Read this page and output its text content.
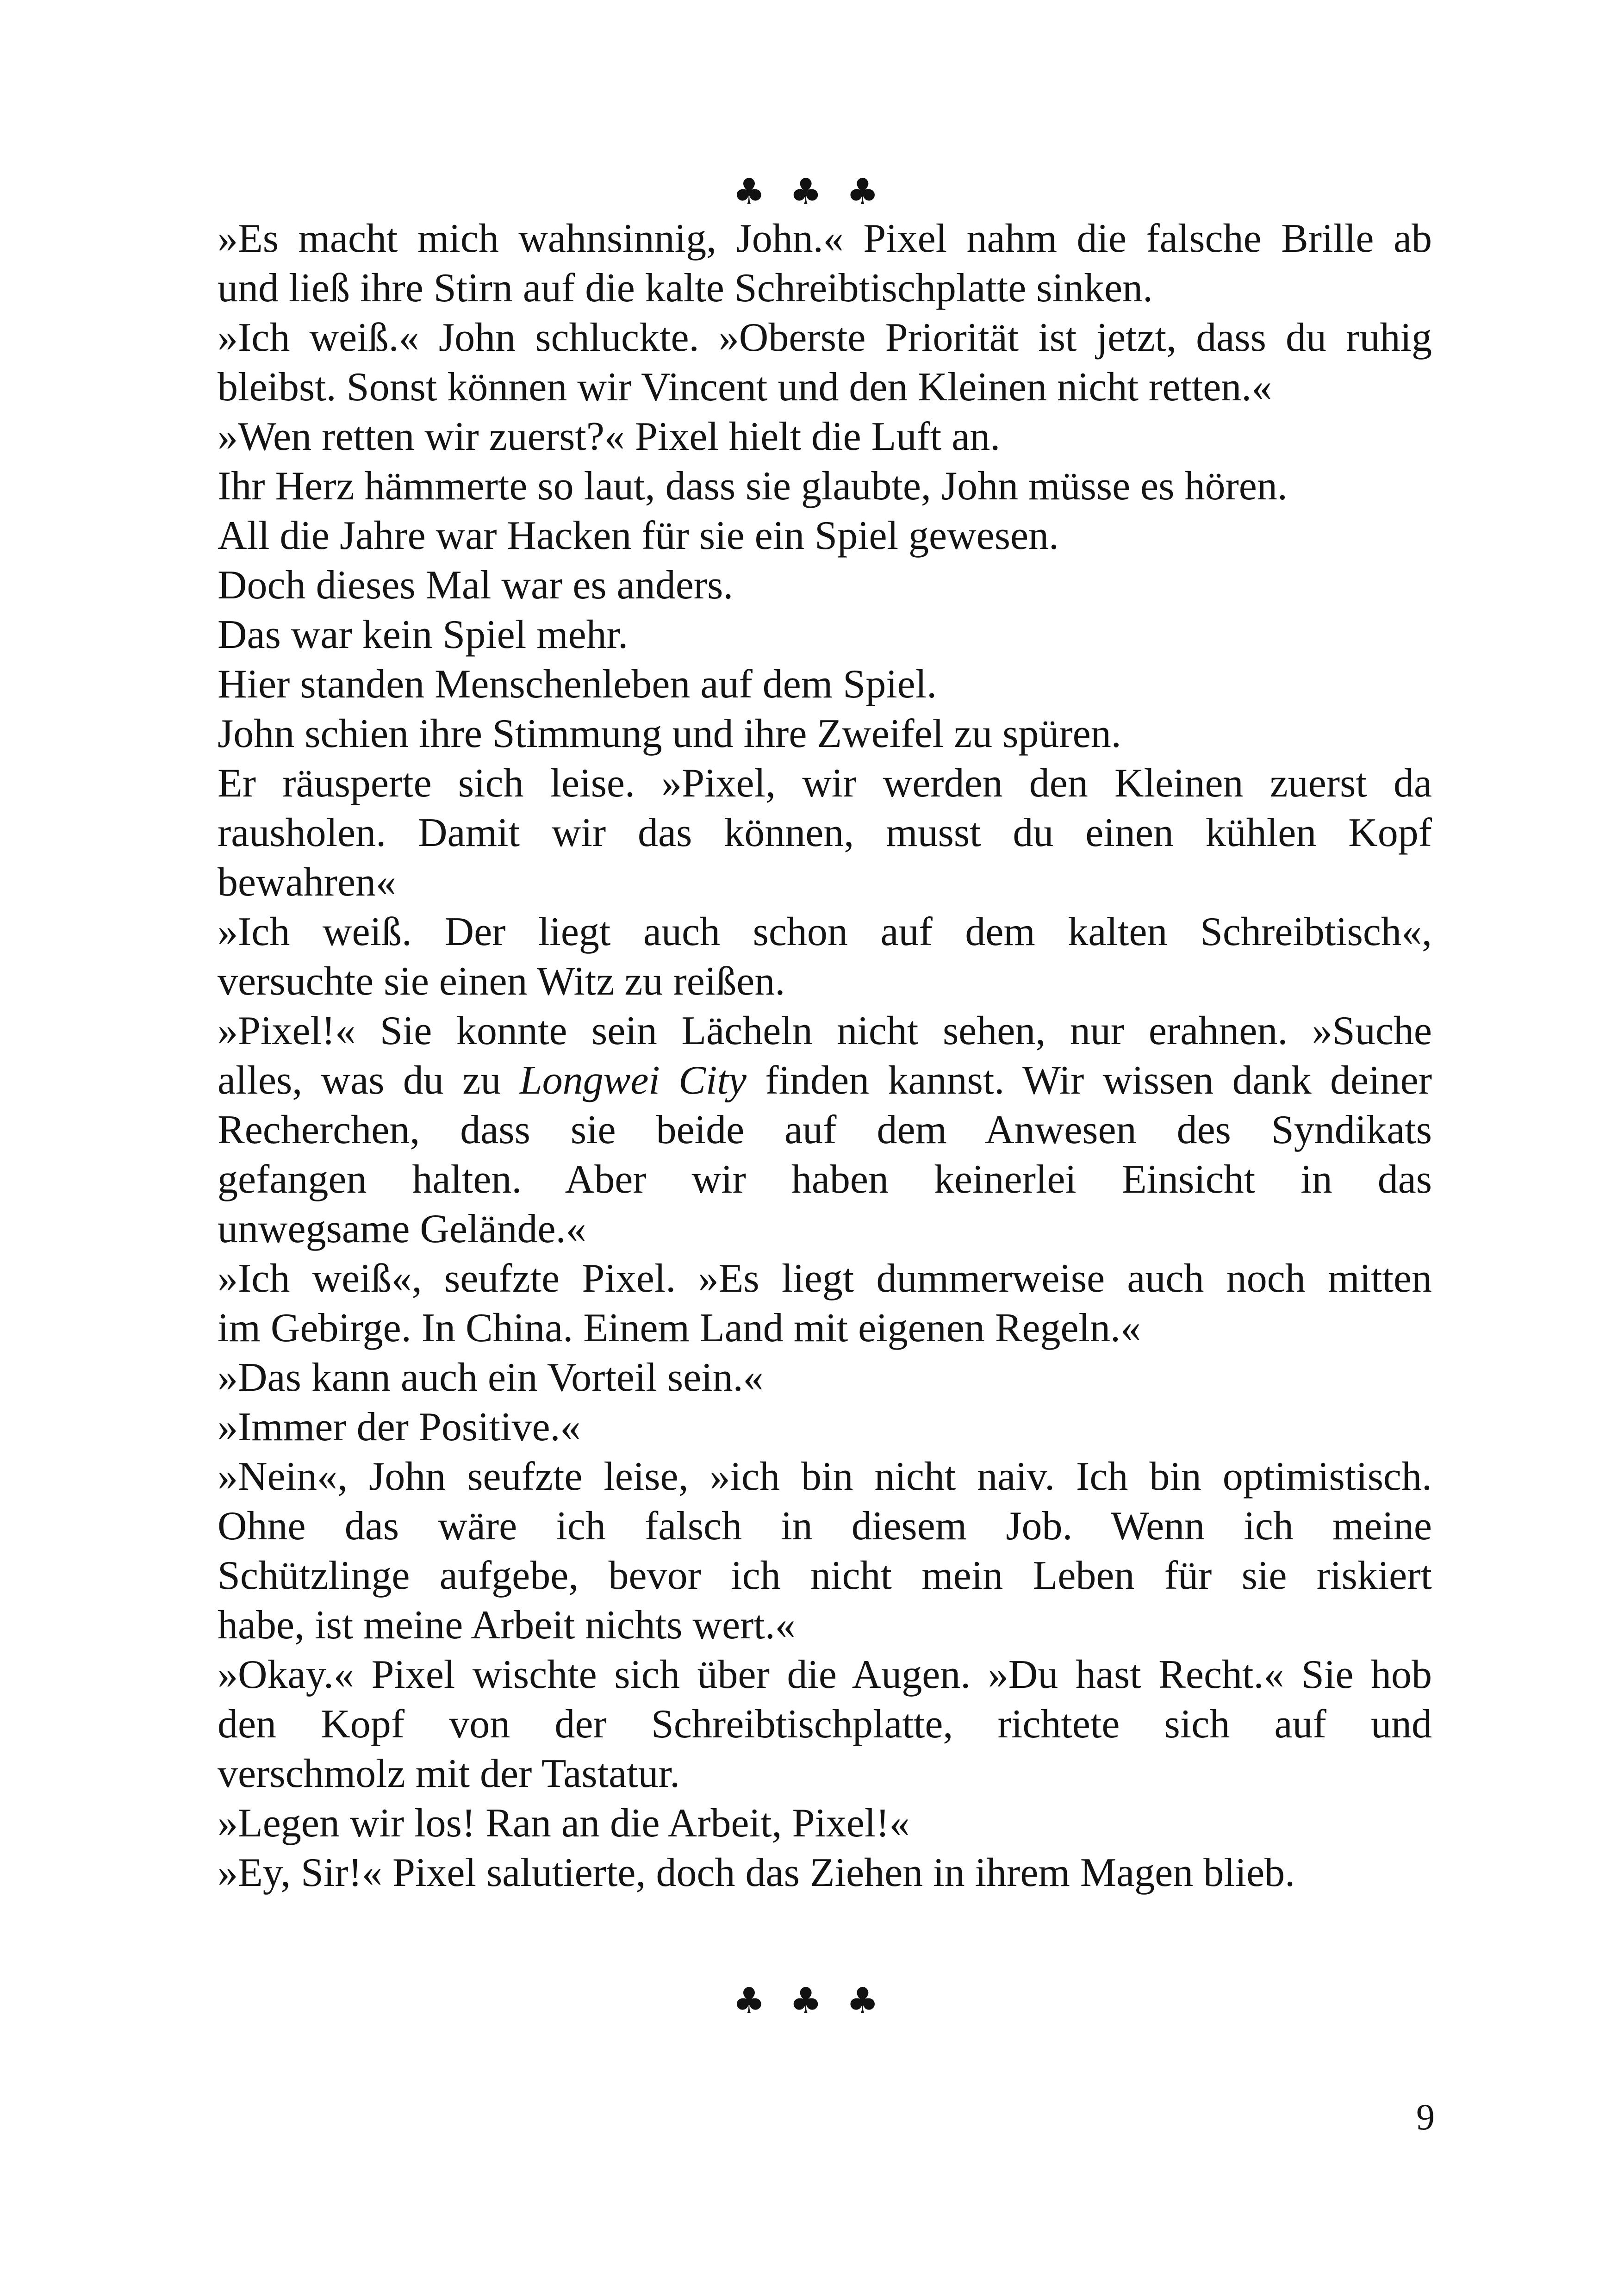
♣ ♣ ♣
»Es macht mich wahnsinnig, John.« Pixel nahm die falsche Brille ab
und ließ ihre Stirn auf die kalte Schreibtischplatte sinken.
»Ich weiß.« John schluckte. »Oberste Priorität ist jetzt, dass du ruhig
bleibst. Sonst können wir Vincent und den Kleinen nicht retten.«
»Wen retten wir zuerst?« Pixel hielt die Luft an.
Ihr Herz hämmerte so laut, dass sie glaubte, John müsse es hören.
All die Jahre war Hacken für sie ein Spiel gewesen.
Doch dieses Mal war es anders.
Das war kein Spiel mehr.
Hier standen Menschenleben auf dem Spiel.
John schien ihre Stimmung und ihre Zweifel zu spüren.
Er räusperte sich leise. »Pixel, wir werden den Kleinen zuerst da
rausholen. Damit wir das können, musst du einen kühlen Kopf
bewahren«
»Ich weiß. Der liegt auch schon auf dem kalten Schreibtisch«,
versuchte sie einen Witz zu reißen.
»Pixel!« Sie konnte sein Lächeln nicht sehen, nur erahnen. »Suche
alles, was du zu Longwei City finden kannst. Wir wissen dank deiner
Recherchen, dass sie beide auf dem Anwesen des Syndikats
gefangen halten. Aber wir haben keinerlei Einsicht in das
unwegsame Gelände.«
»Ich weiß«, seufzte Pixel. »Es liegt dummerweise auch noch mitten
im Gebirge. In China. Einem Land mit eigenen Regeln.«
»Das kann auch ein Vorteil sein.«
»Immer der Positive.«
»Nein«, John seufzte leise, »ich bin nicht naiv. Ich bin optimistisch.
Ohne das wäre ich falsch in diesem Job. Wenn ich meine
Schützlinge aufgebe, bevor ich nicht mein Leben für sie riskiert
habe, ist meine Arbeit nichts wert.«
»Okay.« Pixel wischte sich über die Augen. »Du hast Recht.« Sie hob
den Kopf von der Schreibtischplatte, richtete sich auf und
verschmolz mit der Tastatur.
»Legen wir los! Ran an die Arbeit, Pixel!«
»Ey, Sir!« Pixel salutierte, doch das Ziehen in ihrem Magen blieb.
♣ ♣ ♣
9
